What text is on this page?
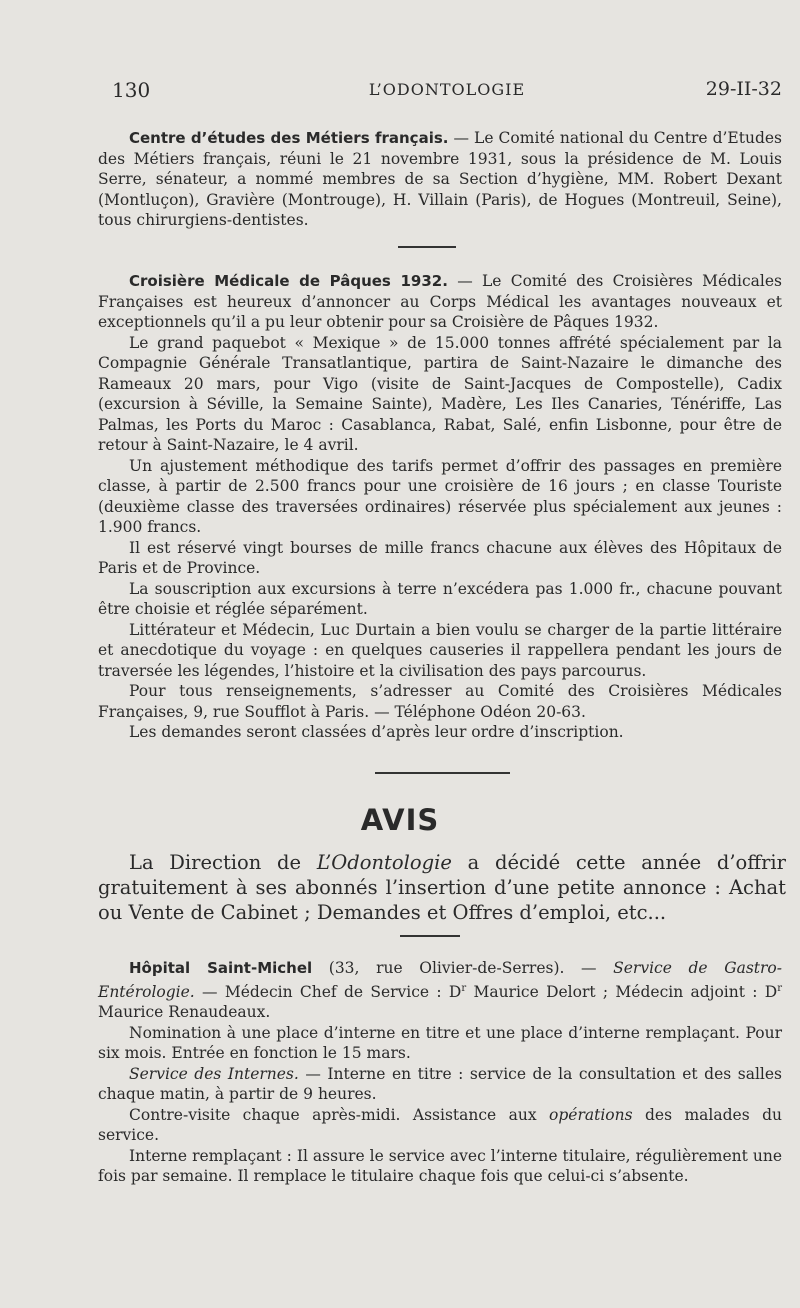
130	L’ODONTOLOGIE	29-II-32

Centre d’études des Métiers français. — Le Comité national du Centre d’Etudes des Métiers français, réuni le 21 novembre 1931, sous la présidence de M. Louis Serre, sénateur, a nommé membres de sa Section d’hygiène, MM. Robert Dexant (Montluçon), Gravière (Montrouge), H. Villain (Paris), de Hogues (Montreuil, Seine), tous chirurgiens-dentistes.

Croisière Médicale de Pâques 1932. — Le Comité des Croisières Médicales Françaises est heureux d’annoncer au Corps Médical les avantages nouveaux et exceptionnels qu’il a pu leur obtenir pour sa Croisière de Pâques 1932.

Le grand paquebot « Mexique » de 15.000 tonnes affrété spécialement par la Compagnie Générale Transatlantique, partira de Saint-Nazaire le dimanche des Rameaux 20 mars, pour Vigo (visite de Saint-Jacques de Compostelle), Cadix (excursion à Séville, la Semaine Sainte), Madère, Les Iles Canaries, Ténériffe, Las Palmas, les Ports du Maroc : Casablanca, Rabat, Salé, enfin Lisbonne, pour être de retour à Saint-Nazaire, le 4 avril.

Un ajustement méthodique des tarifs permet d’offrir des passages en première classe, à partir de 2.500 francs pour une croisière de 16 jours ; en classe Touriste (deuxième classe des traversées ordinaires) réservée plus spécialement aux jeunes : 1.900 francs.

Il est réservé vingt bourses de mille francs chacune aux élèves des Hôpitaux de Paris et de Province.

La souscription aux excursions à terre n’excédera pas 1.000 fr., chacune pouvant être choisie et réglée séparément.

Littérateur et Médecin, Luc Durtain a bien voulu se charger de la partie littéraire et anecdotique du voyage : en quelques causeries il rappellera pendant les jours de traversée les légendes, l’histoire et la civilisation des pays parcourus.

Pour tous renseignements, s’adresser au Comité des Croisières Médicales Françaises, 9, rue Soufflot à Paris. — Téléphone Odéon 20-63.

Les demandes seront classées d’après leur ordre d’inscription.

AVIS

La Direction de L’Odontologie a décidé cette année d’offrir gratuitement à ses abonnés l’insertion d’une petite annonce : Achat ou Vente de Cabinet ; Demandes et Offres d’emploi, etc...

Hôpital Saint-Michel (33, rue Olivier-de-Serres). — Service de Gastro-Entérologie. — Médecin Chef de Service : $D^r$ Maurice Delort ; Médecin adjoint : $D^r$ Maurice Renaudeaux.

Nomination à une place d’interne en titre et une place d’interne remplaçant. Pour six mois. Entrée en fonction le 15 mars.

Service des Internes. — Interne en titre : service de la consultation et des salles chaque matin, à partir de 9 heures.

Contre-visite chaque après-midi. Assistance aux opérations des malades du service.

Interne remplaçant : Il assure le service avec l’interne titulaire, régulièrement une fois par semaine. Il remplace le titulaire chaque fois que celui-ci s’absente.
